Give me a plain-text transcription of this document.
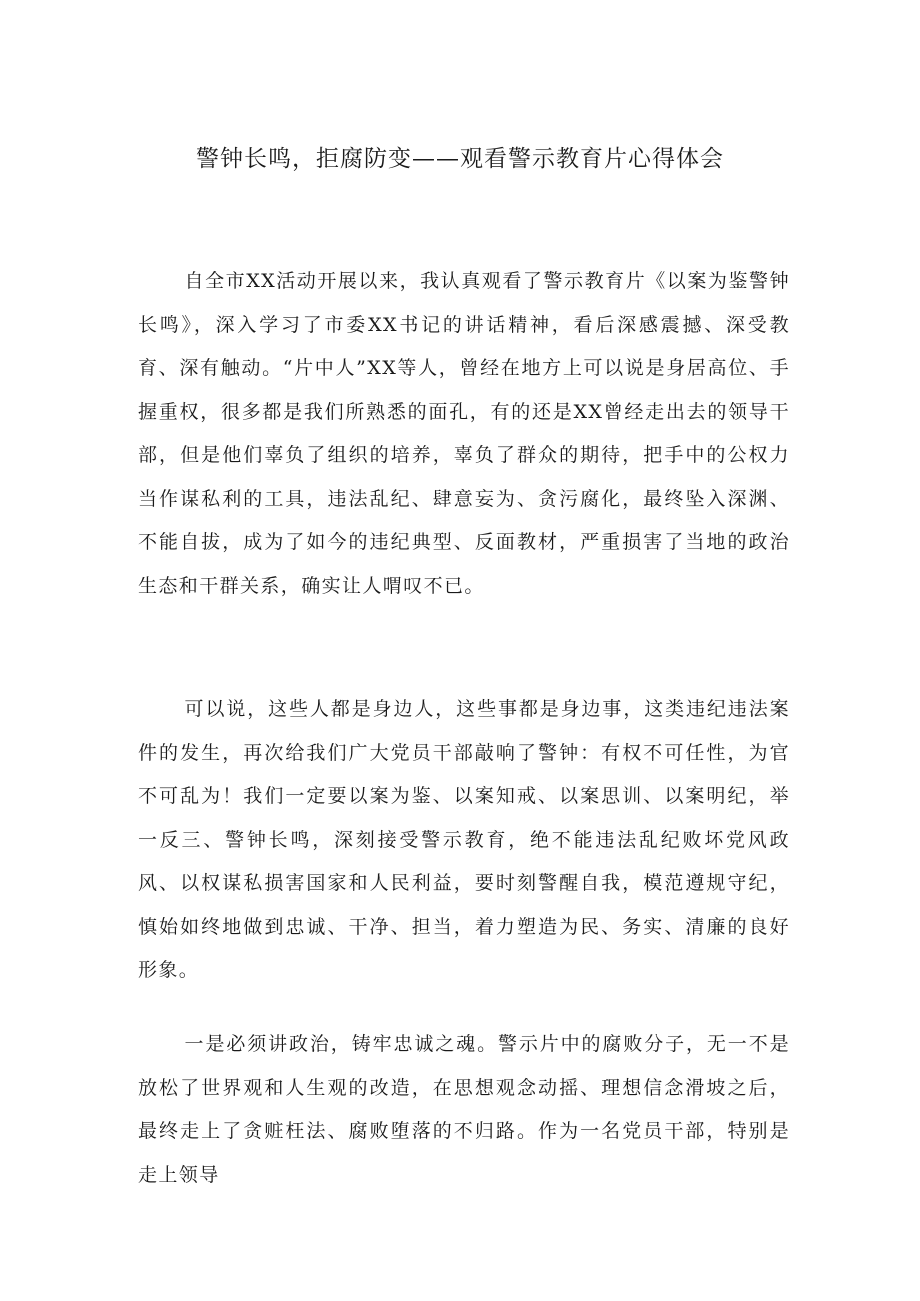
警钟长鸣，拒腐防变——观看警示教育片心得体会

自全市XX活动开展以来，我认真观看了警示教育片《以案为鉴警钟长鸣》，深入学习了市委XX书记的讲话精神，看后深感震撼、深受教育、深有触动。“片中人”XX等人，曾经在地方上可以说是身居高位、手握重权，很多都是我们所熟悉的面孔，有的还是XX曾经走出去的领导干部，但是他们辜负了组织的培养，辜负了群众的期待，把手中的公权力当作谋私利的工具，违法乱纪、肆意妄为、贪污腐化，最终坠入深渊、不能自拔，成为了如今的违纪典型、反面教材，严重损害了当地的政治生态和干群关系，确实让人喟叹不已。

可以说，这些人都是身边人，这些事都是身边事，这类违纪违法案件的发生，再次给我们广大党员干部敲响了警钟：有权不可任性，为官不可乱为！我们一定要以案为鉴、以案知戒、以案思训、以案明纪，举一反三、警钟长鸣，深刻接受警示教育，绝不能违法乱纪败坏党风政风、以权谋私损害国家和人民利益，要时刻警醒自我，模范遵规守纪，慎始如终地做到忠诚、干净、担当，着力塑造为民、务实、清廉的良好形象。

一是必须讲政治，铸牢忠诚之魂。警示片中的腐败分子，无一不是放松了世界观和人生观的改造，在思想观念动摇、理想信念滑坡之后，最终走上了贪赃枉法、腐败堕落的不归路。作为一名党员干部，特别是走上领导
